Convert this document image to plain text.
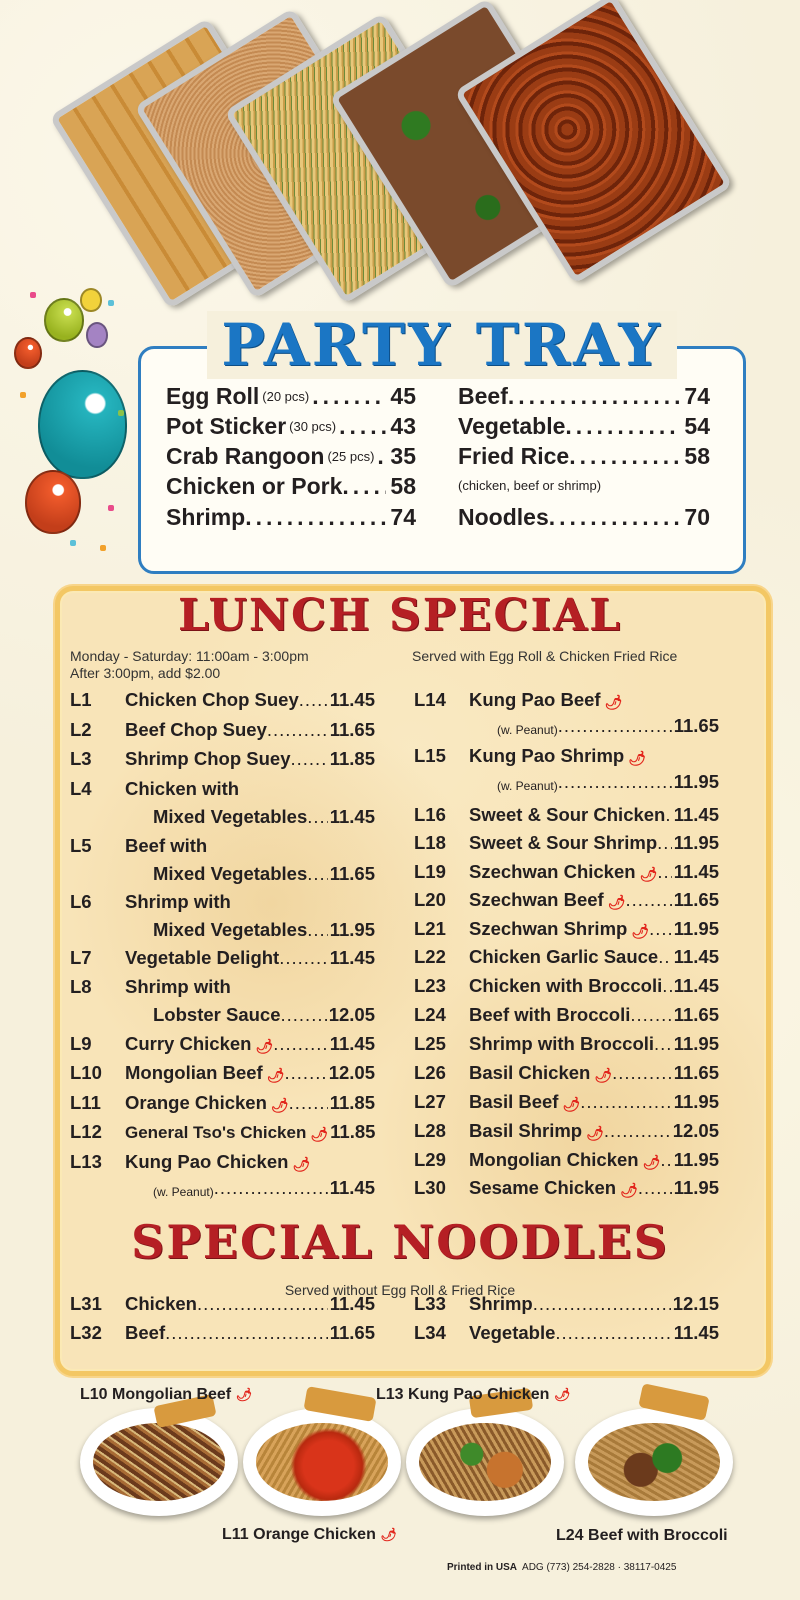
PARTY TRAY
Egg Roll (20 pcs) .....	45
Pot Sticker (30 pcs) ..... 43
Crab Rangoon (25 pcs) ..... 35
Chicken or Pork ..... 58
Shrimp .....	74
Beef .....	74
Vegetable .....	54
Fried Rice .....	58
(chicken, beef or shrimp)
Noodles .....	70
LUNCH SPECIAL
Monday - Saturday: 11:00am - 3:00pm
After 3:00pm, add $2.00
Served with Egg Roll & Chicken Fried Rice
L1	Chicken Chop Suey ..... 11.45
L2	Beef Chop Suey .....	11.65
L3	Shrimp Chop Suey ..... 11.85
L4	Chicken with
Mixed Vegetables ..... 11.45
L5	Beef with
Mixed Vegetables ..... 11.65
L6	Shrimp with
Mixed Vegetables ..... 11.95
L7	Vegetable Delight .....	11.45
L8	Shrimp with
Lobster Sauce .....	12.05
L9	Curry Chicken 🌶 .....	11.45
L10	Mongolian Beef 🌶 ..... 12.05
L11	Orange Chicken 🌶 ..... 11.85
L12	General Tso's Chicken 🌶 11.85
L13	Kung Pao Chicken 🌶
(w. Peanut) .....	11.45
L14	Kung Pao Beef 🌶
(w. Peanut) .....	11.65
L15	Kung Pao Shrimp 🌶
(w. Peanut) .....	11.95
L16	Sweet & Sour Chicken ..... 11.45
L18	Sweet & Sour Shrimp ..... 11.95
L19	Szechwan Chicken 🌶 ..... 11.45
L20	Szechwan Beef 🌶 .....	11.65
L21	Szechwan Shrimp 🌶 ..... 11.95
L22	Chicken Garlic Sauce ..... 11.45
L23	Chicken with Broccoli ..... 11.45
L24	Beef with Broccoli ..... 11.65
L25	Shrimp with Broccoli ..... 11.95
L26	Basil Chicken 🌶 .....	11.65
L27	Basil Beef 🌶 .....	11.95
L28	Basil Shrimp 🌶 .....	12.05
L29	Mongolian Chicken 🌶 ..... 11.95
L30	Sesame Chicken 🌶 ..... 11.95
SPECIAL NOODLES
Served without Egg Roll & Fried Rice
L31	Chicken .....	11.45
L32	Beef .....	11.65
L33	Shrimp .....	12.15
L34	Vegetable .....	11.45
L10 Mongolian Beef 🌶	L13 Kung Pao Chicken 🌶
L11 Orange Chicken 🌶	L24 Beef with Broccoli
Printed in USA ADG (773) 254-2828 · 38117-0425
